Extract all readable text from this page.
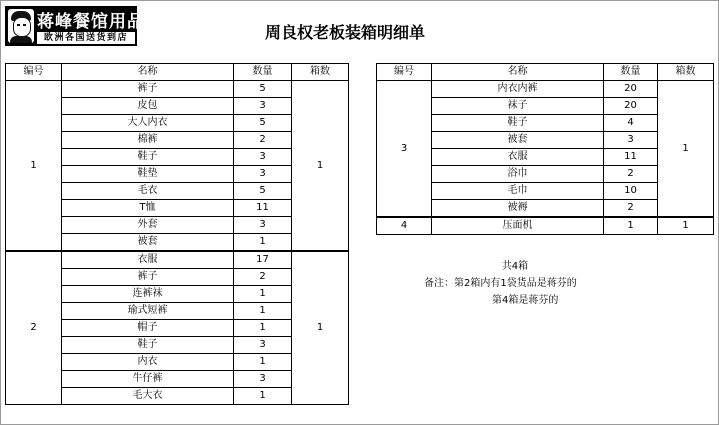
蒋峰餐馆用品
欧洲各国送货到店	周良权老板装箱明细单
编号	名称	数量	箱数
1	裤子	5	1
	皮包	3	
	大人内衣	5	
	棉裤	2	
	鞋子	3	
	鞋垫	3	
	毛衣	5	
	T恤	11	
	外套	3	
	被套	1	
2	衣服	17	1
	裤子	2	
	连裤袜	1	
	瑜式短裤	1	
	帽子	1	
	鞋子	3	
	内衣	1	
	牛仔裤	3	
	毛大衣	1	
编号	名称	数量	箱数
3	内衣内裤	20	1
	袜子	20	
	鞋子	4	
	被套	3	
	衣服	11	
	浴巾	2	
	毛巾	10	
	被褥	2	
4	压面机	1	1
共4箱
备注：第2箱内有1袋货品是蒋芬的
第4箱是蒋芬的
